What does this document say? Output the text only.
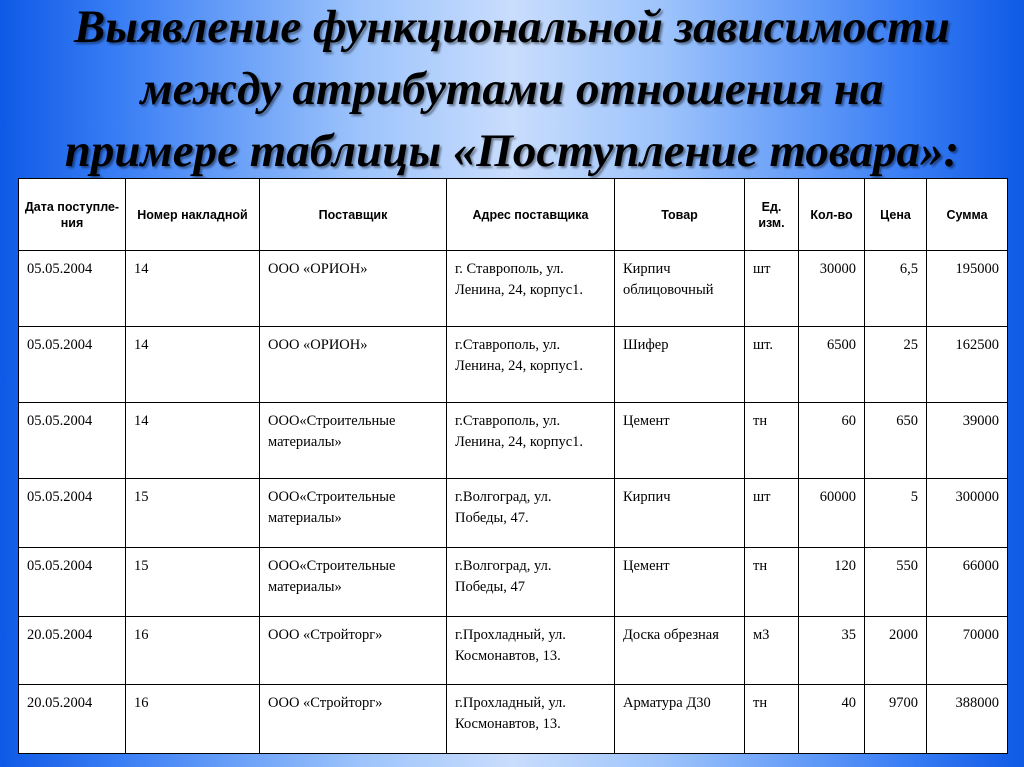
Выявление функциональной зависимости
между атрибутами отношения на
примере таблицы «Поступление товара»:
Дата поступле-ния	Номер накладной	Поставщик	Адрес поставщика	Товар	Ед. изм.	Кол-во	Цена	Сумма
05.05.2004	14	ООО «ОРИОН»	г. Ставрополь, ул. Ленина, 24, корпус1.	Кирпич облицовочный	шт	30000	6,5	195000
05.05.2004	14	ООО «ОРИОН»	г.Ставрополь, ул. Ленина, 24, корпус1.	Шифер	шт.	6500	25	162500
05.05.2004	14	ООО«Строительные материалы»	г.Ставрополь, ул. Ленина, 24, корпус1.	Цемент	тн	60	650	39000
05.05.2004	15	ООО«Строительные материалы»	г.Волгоград, ул. Победы, 47.	Кирпич	шт	60000	5	300000
05.05.2004	15	ООО«Строительные материалы»	г.Волгоград, ул. Победы, 47	Цемент	тн	120	550	66000
20.05.2004	16	ООО «Стройторг»	г.Прохладный, ул. Космонавтов, 13.	Доска обрезная	м3	35	2000	70000
20.05.2004	16	ООО «Стройторг»	г.Прохладный, ул. Космонавтов, 13.	Арматура Д30	тн	40	9700	388000
